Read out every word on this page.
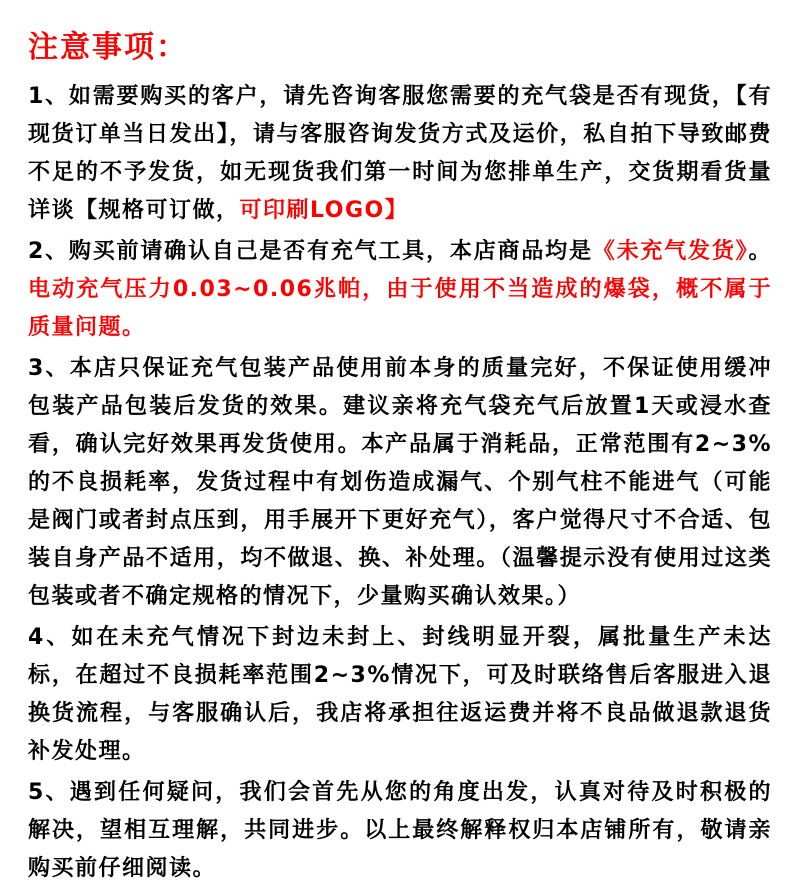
注意事项：

1、如需要购买的客户，请先咨询客服您需要的充气袋是否有现货，【有现货订单当日发出】，请与客服咨询发货方式及运价，私自拍下导致邮费不足的不予发货，如无现货我们第一时间为您排单生产，交货期看货量详谈【规格可订做，可印刷LOGO】

2、购买前请确认自己是否有充气工具，本店商品均是《未充气发货》。电动充气压力0.03~0.06兆帕，由于使用不当造成的爆袋，概不属于质量问题。

3、本店只保证充气包装产品使用前本身的质量完好，不保证使用缓冲包装产品包装后发货的效果。建议亲将充气袋充气后放置1天或浸水查看，确认完好效果再发货使用。本产品属于消耗品，正常范围有2~3%的不良损耗率，发货过程中有划伤造成漏气、个别气柱不能进气（可能是阀门或者封点压到，用手展开下更好充气），客户觉得尺寸不合适、包装自身产品不适用，均不做退、换、补处理。（温馨提示没有使用过这类包装或者不确定规格的情况下，少量购买确认效果。）

4、如在未充气情况下封边未封上、封线明显开裂，属批量生产未达标，在超过不良损耗率范围2~3%情况下，可及时联络售后客服进入退换货流程，与客服确认后，我店将承担往返运费并将不良品做退款退货补发处理。

5、遇到任何疑问，我们会首先从您的角度出发，认真对待及时积极的解决，望相互理解，共同进步。以上最终解释权归本店铺所有，敬请亲购买前仔细阅读。
